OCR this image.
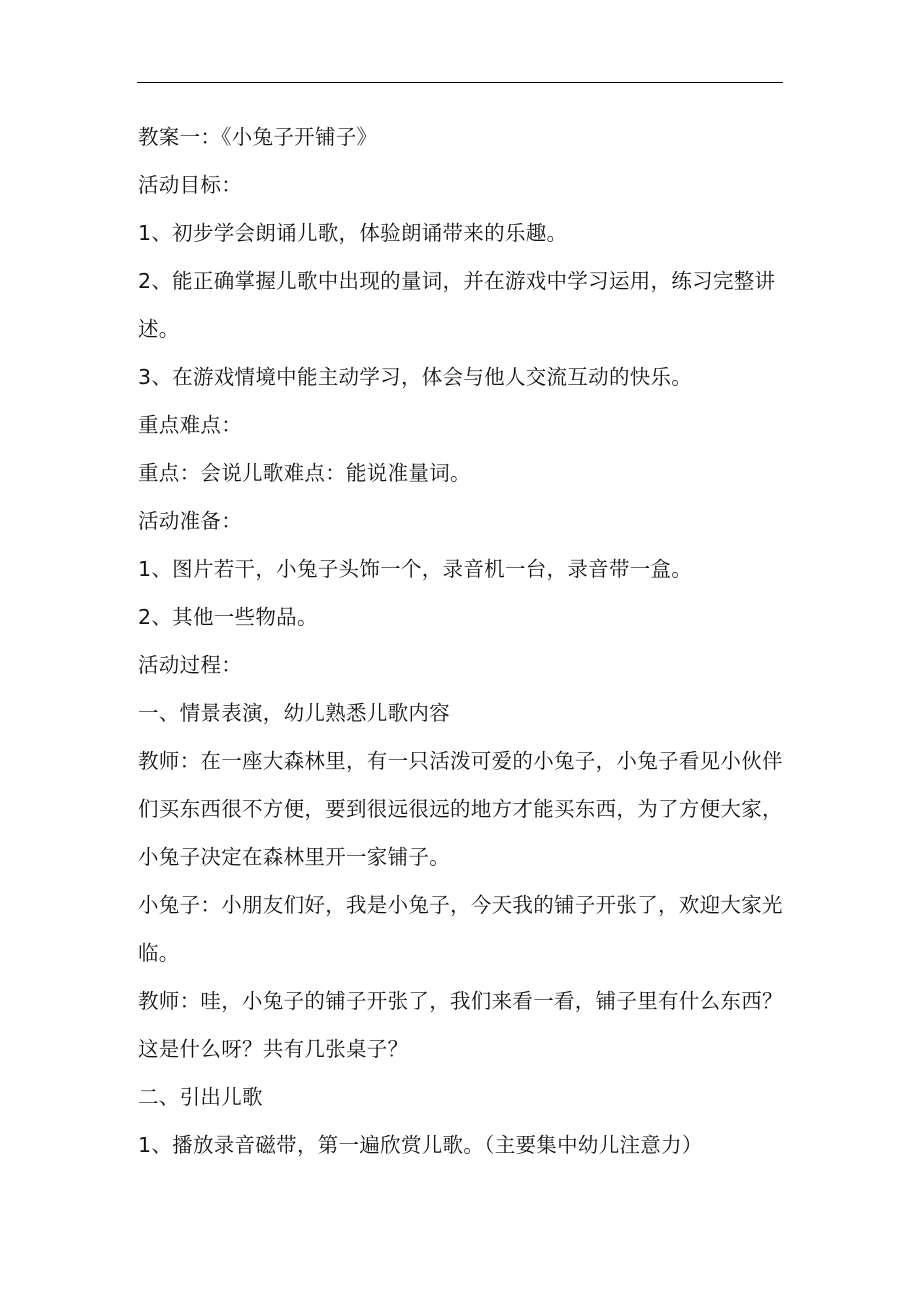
教案一：《小兔子开铺子》
活动目标：
1、初步学会朗诵儿歌，体验朗诵带来的乐趣。
2、能正确掌握儿歌中出现的量词，并在游戏中学习运用，练习完整讲
述。
3、在游戏情境中能主动学习，体会与他人交流互动的快乐。
重点难点：
重点：会说儿歌难点：能说准量词。
活动准备：
1、图片若干，小兔子头饰一个，录音机一台，录音带一盒。
2、其他一些物品。
活动过程：
一、情景表演，幼儿熟悉儿歌内容
教师：在一座大森林里，有一只活泼可爱的小兔子，小兔子看见小伙伴
们买东西很不方便，要到很远很远的地方才能买东西，为了方便大家，
小兔子决定在森林里开一家铺子。
小兔子：小朋友们好，我是小兔子，今天我的铺子开张了，欢迎大家光
临。
教师：哇，小兔子的铺子开张了，我们来看一看，铺子里有什么东西？
这是什么呀？共有几张桌子？
二、引出儿歌
1、播放录音磁带，第一遍欣赏儿歌。（主要集中幼儿注意力）
